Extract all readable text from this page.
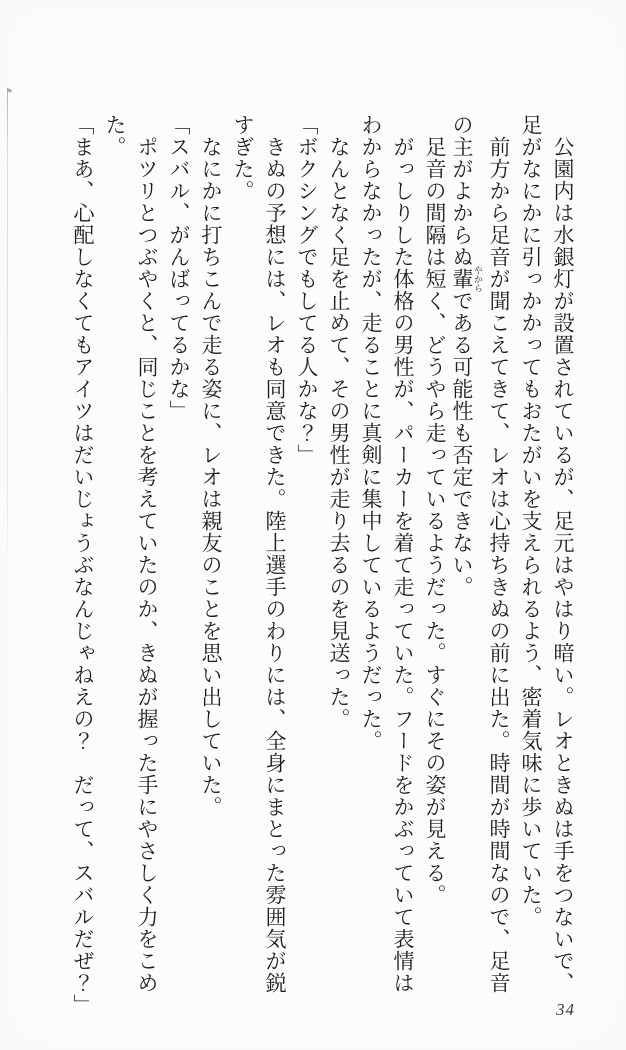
　公園内は水銀灯が設置されているが、足元はやはり暗い。レオときぬは手をつないで、

足がなにかに引っかかってもおたがいを支えられるよう、密着気味に歩いていた。

　前方から足音が聞こえてきて、レオは心持ちきぬの前に出た。時間が時間なので、足音

の主がよからぬ輩 やからである可能性も否定できない。

　足音の間隔は短く、どうやら走っているようだった。すぐにその姿が見える。

　がっしりした体格の男性が、パーカーを着て走っていた。フードをかぶっていて表情は

わからなかったが、走ることに真剣に集中しているようだった。

　なんとなく足を止めて、その男性が走り去るのを見送った。

「ボクシングでもしてる人かな？」

　きぬの予想には、レオも同意できた。陸上選手のわりには、全身にまとった雰囲気が鋭

すぎた。

　なにかに打ちこんで走る姿に、レオは親友のことを思い出していた。

「スバル、がんばってるかな」

　ポツリとつぶやくと、同じことを考えていたのか、きぬが握った手にやさしく力をこめ

た。

「まあ、心配しなくてもアイツはだいじょうぶなんじゃねえの？　だって、スバルだぜ？」	34
